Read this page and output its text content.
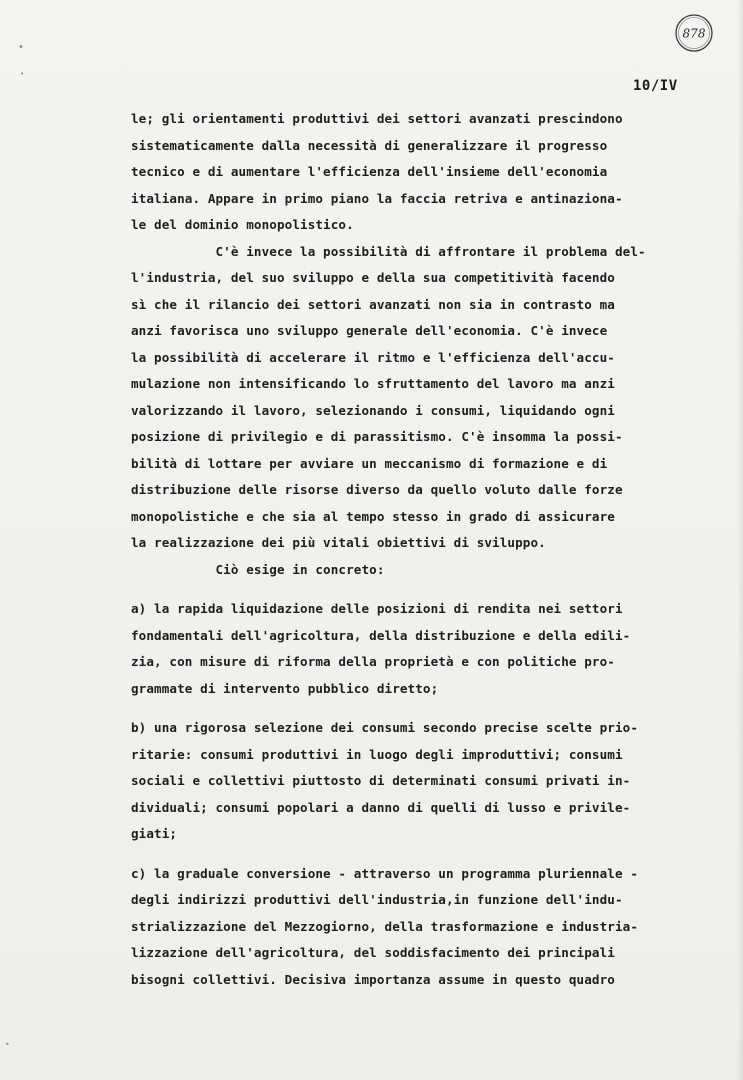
878
10/IV
•
•
•
le; gli orientamenti produttivi dei settori avanzati prescindono
sistematicamente dalla necessità di generalizzare il progresso
tecnico e di aumentare l'efficienza dell'insieme dell'economia
italiana. Appare in primo piano la faccia retriva e antinaziona-
le del dominio monopolistico.
C'è invece la possibilità di affrontare il problema del-
l'industria, del suo sviluppo e della sua competitività facendo
sì che il rilancio dei settori avanzati non sia in contrasto ma
anzi favorisca uno sviluppo generale dell'economia. C'è invece
la possibilità di accelerare il ritmo e l'efficienza dell'accu-
mulazione non intensificando lo sfruttamento del lavoro ma anzi
valorizzando il lavoro, selezionando i consumi, liquidando ogni
posizione di privilegio e di parassitismo. C'è insomma la possi-
bilità di lottare per avviare un meccanismo di formazione e di
distribuzione delle risorse diverso da quello voluto dalle forze
monopolistiche e che sia al tempo stesso in grado di assicurare
la realizzazione dei più vitali obiettivi di sviluppo.
Ciò esige in concreto:
a) la rapida liquidazione delle posizioni di rendita nei settori
fondamentali dell'agricoltura, della distribuzione e della edili-
zia, con misure di riforma della proprietà e con politiche pro-
grammate di intervento pubblico diretto;
b) una rigorosa selezione dei consumi secondo precise scelte prio-
ritarie: consumi produttivi in luogo degli improduttivi; consumi
sociali e collettivi piuttosto di determinati consumi privati in-
dividuali; consumi popolari a danno di quelli di lusso e privile-
giati;
c) la graduale conversione - attraverso un programma pluriennale -
degli indirizzi produttivi dell'industria,in funzione dell'indu-
strializzazione del Mezzogiorno, della trasformazione e industria-
lizzazione dell'agricoltura, del soddisfacimento dei principali
bisogni collettivi. Decisiva importanza assume in questo quadro
